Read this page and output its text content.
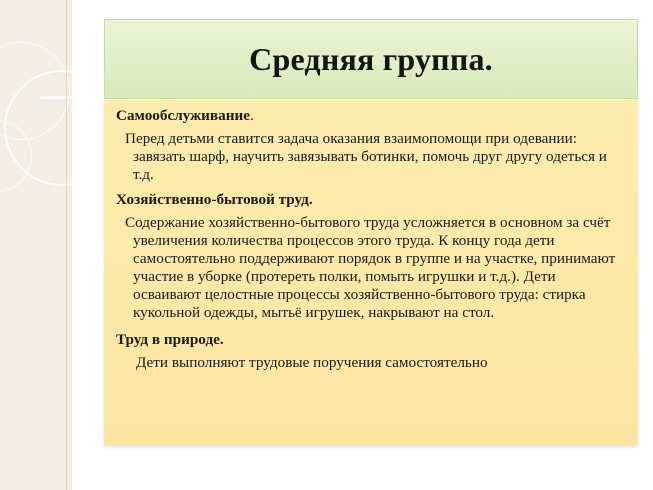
Средняя группа.
Самообслуживание.
Перед детьми ставится задача оказания взаимопомощи при одевании: завязать шарф, научить завязывать ботинки, помочь друг другу одеться и т.д.
Хозяйственно-бытовой труд.
Содержание хозяйственно-бытового труда усложняется в основном за счёт увеличения количества процессов этого труда. К концу года дети самостоятельно поддерживают порядок в группе и на участке, принимают участие в уборке (протереть полки, помыть игрушки и т.д.). Дети осваивают целостные процессы хозяйственно-бытового труда: стирка кукольной одежды, мытьё игрушек, накрывают на стол.
Труд в природе.
Дети выполняют трудовые поручения самостоятельно
